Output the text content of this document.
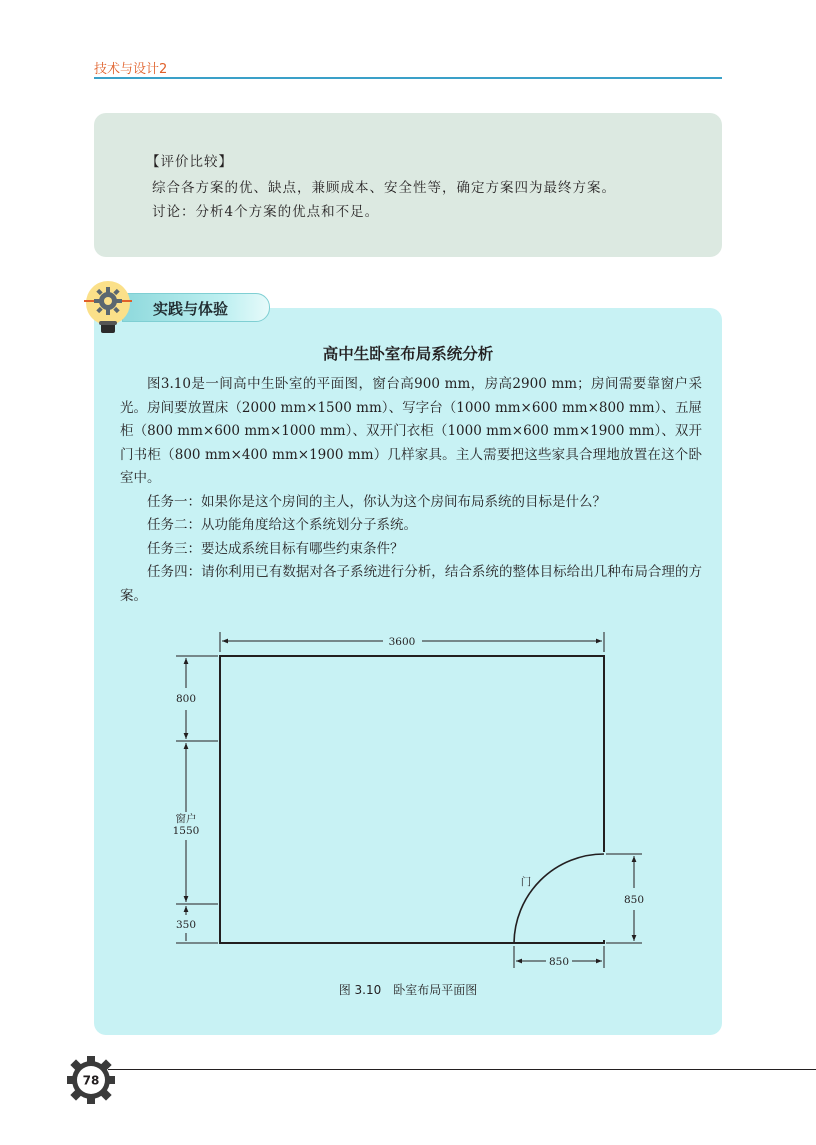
技术与设计2
【评价比较】
综合各方案的优、缺点，兼顾成本、安全性等，确定方案四为最终方案。
讨论：分析4个方案的优点和不足。
实践与体验
高中生卧室布局系统分析

图3.10是一间高中生卧室的平面图，窗台高900 mm，房高2900 mm；房间需要靠窗户采光。房间要放置床（2000 mm×1500 mm）、写字台（1000 mm×600 mm×800 mm）、五屉柜（800 mm×600 mm×1000 mm）、双开门衣柜（1000 mm×600 mm×1900 mm）、双开门书柜（800 mm×400 mm×1900 mm）几样家具。主人需要把这些家具合理地放置在这个卧室中。

任务一：如果你是这个房间的主人，你认为这个房间布局系统的目标是什么？

任务二：从功能角度给这个系统划分子系统。

任务三：要达成系统目标有哪些约束条件？

任务四：请你利用已有数据对各子系统进行分析，结合系统的整体目标给出几种布局合理的方案。

3600
800
窗户
1550
350
门
850
850
图 3.10　卧室布局平面图
78
